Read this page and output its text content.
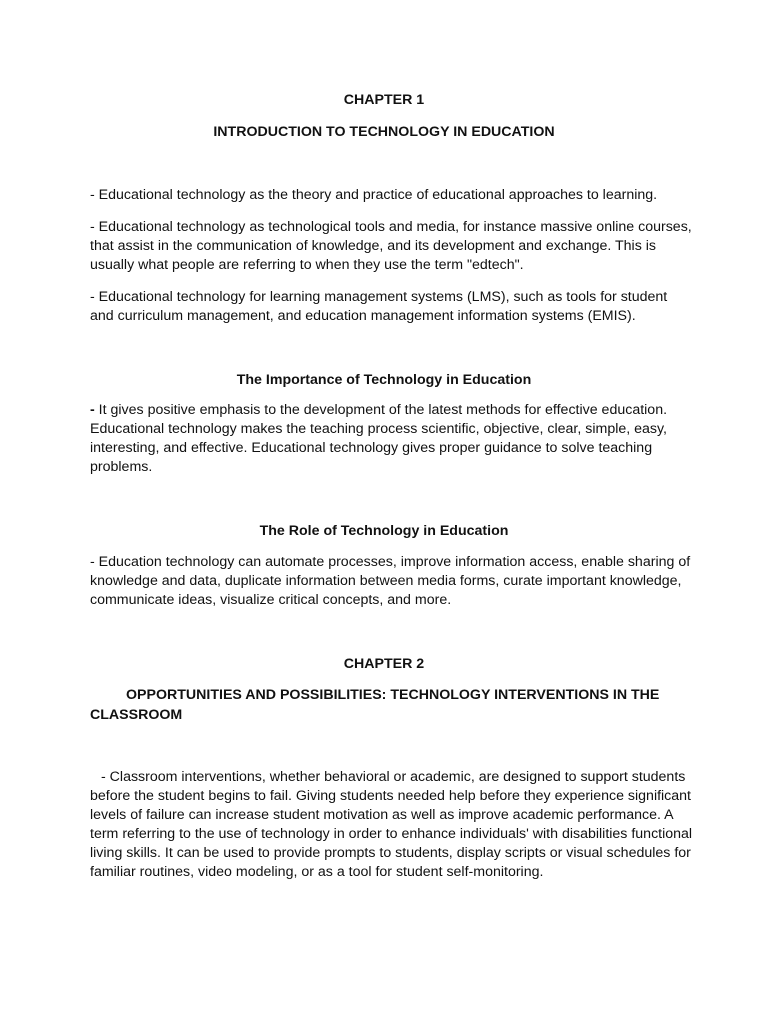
CHAPTER 1

INTRODUCTION TO TECHNOLOGY IN EDUCATION

- Educational technology as the theory and practice of educational approaches to learning.

- Educational technology as technological tools and media, for instance massive online courses,

that assist in the communication of knowledge, and its development and exchange. This is

usually what people are referring to when they use the term "edtech".

- Educational technology for learning management systems (LMS), such as tools for student

and curriculum management, and education management information systems (EMIS).

The Importance of Technology in Education

- It gives positive emphasis to the development of the latest methods for effective education.

Educational technology makes the teaching process scientific, objective, clear, simple, easy,

interesting, and effective. Educational technology gives proper guidance to solve teaching

problems.

The Role of Technology in Education

- Education technology can automate processes, improve information access, enable sharing of

knowledge and data, duplicate information between media forms, curate important knowledge,

communicate ideas, visualize critical concepts, and more.

CHAPTER 2

OPPORTUNITIES AND POSSIBILITIES: TECHNOLOGY INTERVENTIONS IN THE

CLASSROOM

- Classroom interventions, whether behavioral or academic, are designed to support students

before the student begins to fail. Giving students needed help before they experience significant

levels of failure can increase student motivation as well as improve academic performance. A

term referring to the use of technology in order to enhance individuals' with disabilities functional

living skills. It can be used to provide prompts to students, display scripts or visual schedules for

familiar routines, video modeling, or as a tool for student self-monitoring.
